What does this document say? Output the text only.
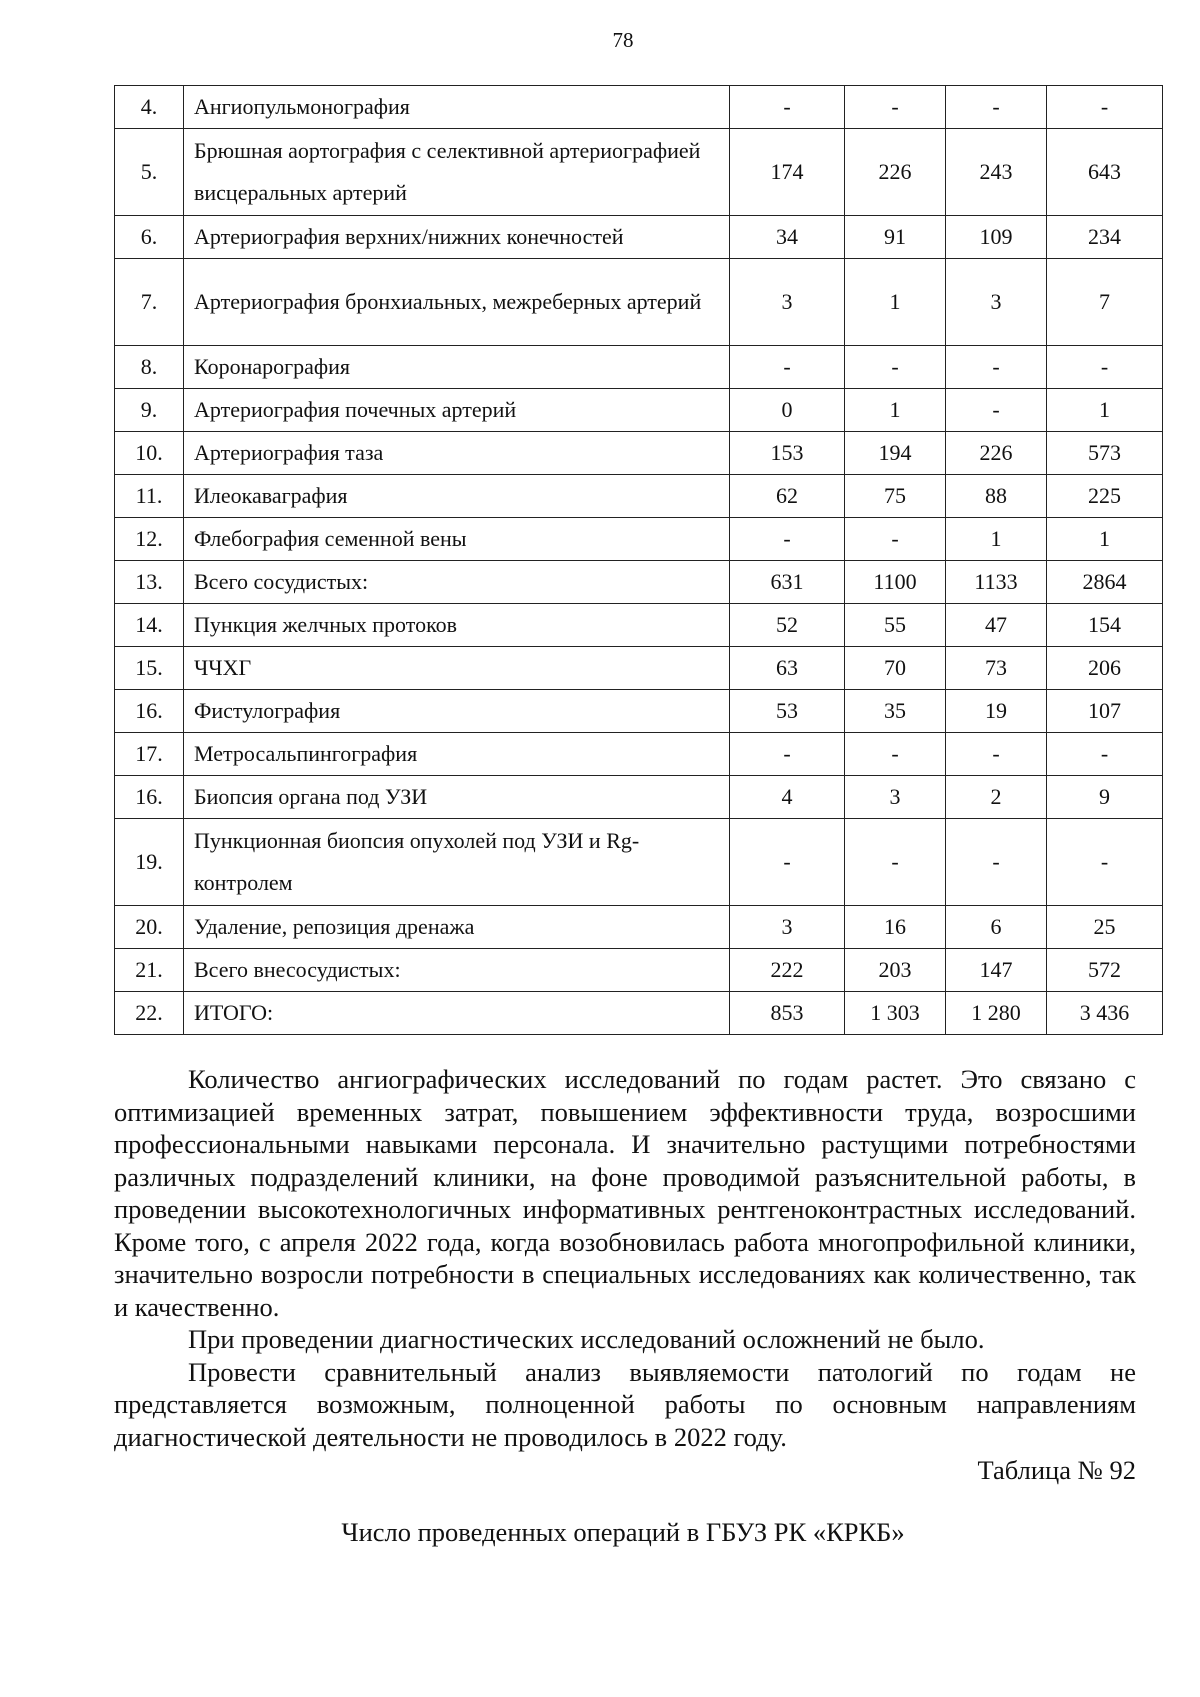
78
4.	Ангиопульмонография	-	-	-	-
5.	Брюшная аортография с селективной артериографией висцеральных артерий	174	226	243	643
6.	Артериография верхних/нижних конечностей	34	91	109	234
7.	Артериография бронхиальных, межреберных артерий	3	1	3	7
8.	Коронарография	-	-	-	-
9.	Артериография почечных артерий	0	1	-	1
10.	Артериография таза	153	194	226	573
11.	Илеокаваграфия	62	75	88	225
12.	Флебография семенной вены	-	-	1	1
13.	Всего сосудистых:	631	1100	1133	2864
14.	Пункция желчных протоков	52	55	47	154
15.	ЧЧХГ	63	70	73	206
16.	Фистулография	53	35	19	107
17.	Метросальпингография	-	-	-	-
16.	Биопсия органа под УЗИ	4	3	2	9
19.	Пункционная биопсия опухолей под УЗИ и Rg-контролем	-	-	-	-
20.	Удаление, репозиция дренажа	3	16	6	25
21.	Всего внесосудистых:	222	203	147	572
22.	ИТОГО:	853	1 303	1 280	3 436

Количество ангиографических исследований по годам растет. Это связано с оптимизацией временных затрат, повышением эффективности труда, возросшими профессиональными навыками персонала. И значительно растущими потребностями различных подразделений клиники, на фоне проводимой разъяснительной работы, в проведении высокотехнологичных информативных рентгеноконтрастных исследований. Кроме того, с апреля 2022 года, когда возобновилась работа многопрофильной клиники, значительно возросли потребности в специальных исследованиях как количественно, так и качественно.

При проведении диагностических исследований осложнений не было.

Провести сравнительный анализ выявляемости патологий по годам не представляется возможным, полноценной работы по основным направлениям диагностической деятельности не проводилось в 2022 году.

Таблица № 92
Число проведенных операций в ГБУЗ РК «КРКБ»
